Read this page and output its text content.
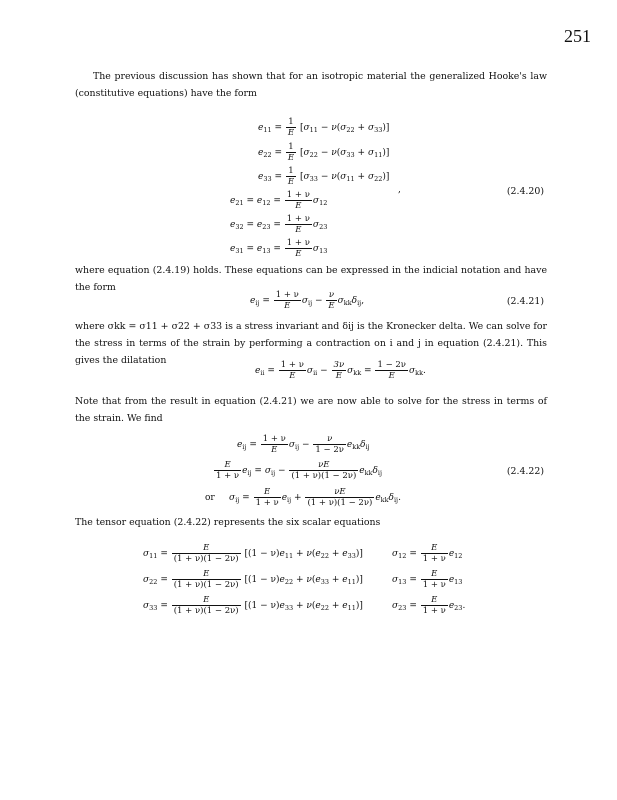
251
The previous discussion has shown that for an isotropic material the generalized Hooke's law (constitutive equations) have the form
$e_{11} = \frac{1}{E} [\sigma_{11} - \nu(\sigma_{22} + \sigma_{33})]$
$e_{22} = \frac{1}{E} [\sigma_{22} - \nu(\sigma_{33} + \sigma_{11})]$
$e_{33} = \frac{1}{E} [\sigma_{33} - \nu(\sigma_{11} + \sigma_{22})]$
,	(2.4.20)
$e_{21} = e_{12} = \frac{1 + \nu}{E} \sigma_{12}$
$e_{32} = e_{23} = \frac{1 + \nu}{E} \sigma_{23}$
$e_{31} = e_{13} = \frac{1 + \nu}{E} \sigma_{13}$
where equation (2.4.19) holds. These equations can be expressed in the indicial notation and have the form
$e_{ij} = \frac{1 + \nu}{E} \sigma_{ij} - \frac{\nu}{E} \sigma_{kk}\delta_{ij}$,	(2.4.21)
where σkk = σ11 + σ22 + σ33 is a stress invariant and δij is the Kronecker delta. We can solve for the stress in terms of the strain by performing a contraction on i and j in equation (2.4.21). This gives the dilatation
$e_{ii} = \frac{1 + \nu}{E} \sigma_{ii} - \frac{3\nu}{E} \sigma_{kk} = \frac{1 - 2\nu}{E} \sigma_{kk}$.
Note that from the result in equation (2.4.21) we are now able to solve for the stress in terms of the strain. We find
$e_{ij} = \frac{1 + \nu}{E} \sigma_{ij} - \frac{\nu}{1 - 2\nu} e_{kk}\delta_{ij}$
$\frac{E}{1 + \nu} e_{ij} = \sigma_{ij} - \frac{\nu E}{(1 + \nu)(1 - 2\nu)} e_{kk}\delta_{ij}$	(2.4.22)
or     $\sigma_{ij} = \frac{E}{1 + \nu} e_{ij} + \frac{\nu E}{(1 + \nu)(1 - 2\nu)} e_{kk}\delta_{ij}$.
The tensor equation (2.4.22) represents the six scalar equations
$\sigma_{11} = \frac{E}{(1 + \nu)(1 - 2\nu)} [(1 - \nu)e_{11} + \nu(e_{22} + e_{33})]$
$\sigma_{22} = \frac{E}{(1 + \nu)(1 - 2\nu)} [(1 - \nu)e_{22} + \nu(e_{33} + e_{11})]$
$\sigma_{33} = \frac{E}{(1 + \nu)(1 - 2\nu)} [(1 - \nu)e_{33} + \nu(e_{22} + e_{11})]$
$\sigma_{12} = \frac{E}{1 + \nu} e_{12}$
$\sigma_{13} = \frac{E}{1 + \nu} e_{13}$
$\sigma_{23} = \frac{E}{1 + \nu} e_{23}$.
